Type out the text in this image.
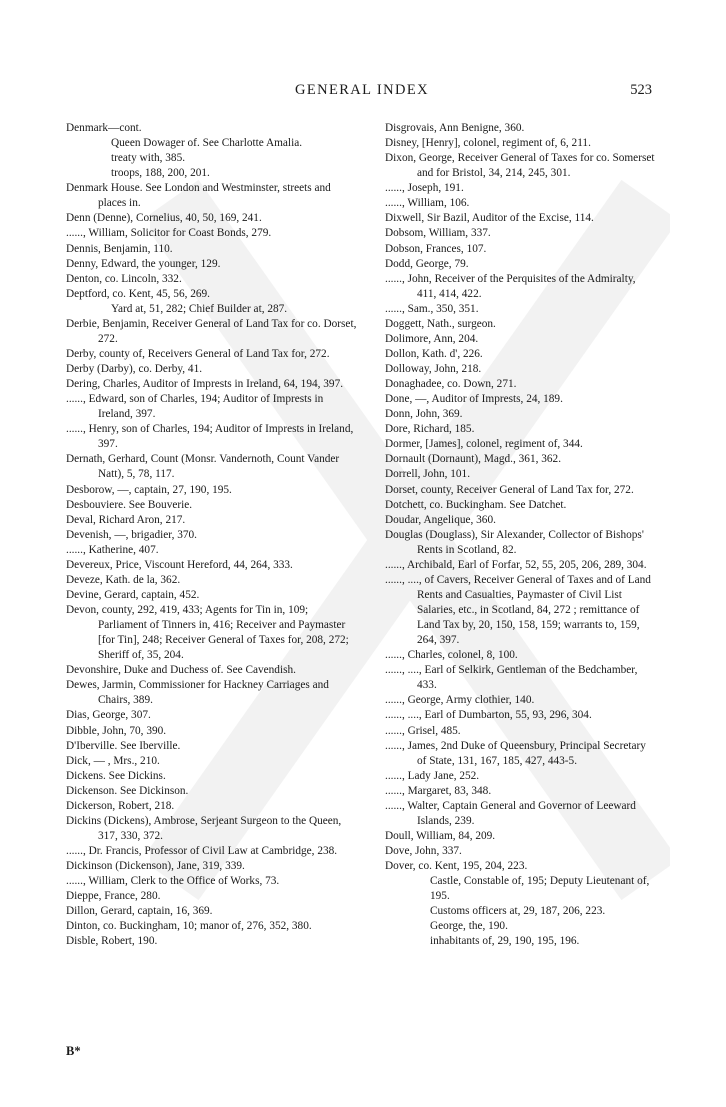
GENERAL INDEX	523
Denmark—cont.
Queen Dowager of. See Charlotte Amalia.
treaty with, 385.
troops, 188, 200, 201.
Denmark House. See London and Westminster, streets and places in.
Denn (Denne), Cornelius, 40, 50, 169, 241.
......, William, Solicitor for Coast Bonds, 279.
Dennis, Benjamin, 110.
Denny, Edward, the younger, 129.
Denton, co. Lincoln, 332.
Deptford, co. Kent, 45, 56, 269.
Yard at, 51, 282; Chief Builder at, 287.
Derbie, Benjamin, Receiver General of Land Tax for co. Dorset, 272.
Derby, county of, Receivers General of Land Tax for, 272.
Derby (Darby), co. Derby, 41.
Dering, Charles, Auditor of Imprests in Ireland, 64, 194, 397.
......, Edward, son of Charles, 194; Auditor of Imprests in Ireland, 397.
......, Henry, son of Charles, 194; Auditor of Imprests in Ireland, 397.
Dernath, Gerhard, Count (Monsr. Vandernoth, Count Vander Natt), 5, 78, 117.
Desborow, —, captain, 27, 190, 195.
Desbouviere. See Bouverie.
Deval, Richard Aron, 217.
Devenish, —, brigadier, 370.
......, Katherine, 407.
Devereux, Price, Viscount Hereford, 44, 264, 333.
Deveze, Kath. de la, 362.
Devine, Gerard, captain, 452.
Devon, county, 292, 419, 433; Agents for Tin in, 109; Parliament of Tinners in, 416; Receiver and Paymaster [for Tin], 248; Receiver General of Taxes for, 208, 272; Sheriff of, 35, 204.
Devonshire, Duke and Duchess of. See Cavendish.
Dewes, Jarmin, Commissioner for Hackney Carriages and Chairs, 389.
Dias, George, 307.
Dibble, John, 70, 390.
D'Iberville. See Iberville.
Dick, — , Mrs., 210.
Dickens. See Dickins.
Dickenson. See Dickinson.
Dickerson, Robert, 218.
Dickins (Dickens), Ambrose, Serjeant Surgeon to the Queen, 317, 330, 372.
......, Dr. Francis, Professor of Civil Law at Cambridge, 238.
Dickinson (Dickenson), Jane, 319, 339.
......, William, Clerk to the Office of Works, 73.
Dieppe, France, 280.
Dillon, Gerard, captain, 16, 369.
Dinton, co. Buckingham, 10; manor of, 276, 352, 380.
Disble, Robert, 190.
Disgrovais, Ann Benigne, 360.
Disney, [Henry], colonel, regiment of, 6, 211.
Dixon, George, Receiver General of Taxes for co. Somerset and for Bristol, 34, 214, 245, 301.
......, Joseph, 191.
......, William, 106.
Dixwell, Sir Bazil, Auditor of the Excise, 114.
Dobsom, William, 337.
Dobson, Frances, 107.
Dodd, George, 79.
......, John, Receiver of the Perquisites of the Admiralty, 411, 414, 422.
......, Sam., 350, 351.
Doggett, Nath., surgeon.
Dolimore, Ann, 204.
Dollon, Kath. d', 226.
Dolloway, John, 218.
Donaghadee, co. Down, 271.
Done, —, Auditor of Imprests, 24, 189.
Donn, John, 369.
Dore, Richard, 185.
Dormer, [James], colonel, regiment of, 344.
Dornault (Dornaunt), Magd., 361, 362.
Dorrell, John, 101.
Dorset, county, Receiver General of Land Tax for, 272.
Dotchett, co. Buckingham. See Datchet.
Doudar, Angelique, 360.
Douglas (Douglass), Sir Alexander, Collector of Bishops' Rents in Scotland, 82.
......, Archibald, Earl of Forfar, 52, 55, 205, 206, 289, 304.
......, ...., of Cavers, Receiver General of Taxes and of Land Rents and Casualties, Paymaster of Civil List Salaries, etc., in Scotland, 84, 272 ; remittance of Land Tax by, 20, 150, 158, 159; warrants to, 159, 264, 397.
......, Charles, colonel, 8, 100.
......, ...., Earl of Selkirk, Gentleman of the Bedchamber, 433.
......, George, Army clothier, 140.
......, ...., Earl of Dumbarton, 55, 93, 296, 304.
......, Grisel, 485.
......, James, 2nd Duke of Queensbury, Principal Secretary of State, 131, 167, 185, 427, 443-5.
......, Lady Jane, 252.
......, Margaret, 83, 348.
......, Walter, Captain General and Governor of Leeward Islands, 239.
Doull, William, 84, 209.
Dove, John, 337.
Dover, co. Kent, 195, 204, 223.
Castle, Constable of, 195; Deputy Lieutenant of, 195.
Customs officers at, 29, 187, 206, 223.
George, the, 190.
inhabitants of, 29, 190, 195, 196.
B*
